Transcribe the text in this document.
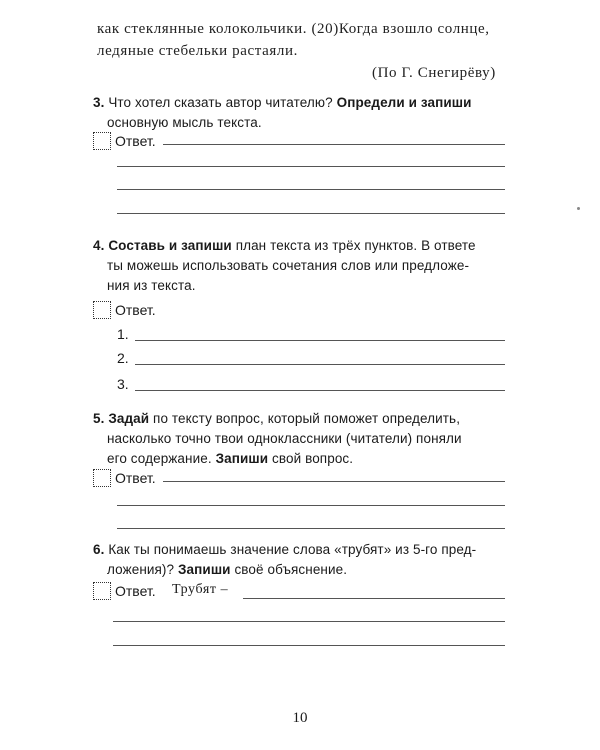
как стеклянные колокольчики. (20)Когда взошло солнце,
ледяные стебельки растаяли.
(По Г. Снегирёву)
3. Что хотел сказать автор читателю? Определи и запиши
основную мысль текста.
Ответ.
4. Составь и запиши план текста из трёх пунктов. В ответе
ты можешь использовать сочетания слов или предложе-
ния из текста.
Ответ.
1.
2.
3.
5. Задай по тексту вопрос, который поможет определить,
насколько точно твои одноклассники (читатели) поняли
его содержание. Запиши свой вопрос.
Ответ.
6. Как ты понимаешь значение слова «трубят» из 5-го пред-
ложения)? Запиши своё объяснение.
Ответ. Трубят –
10
